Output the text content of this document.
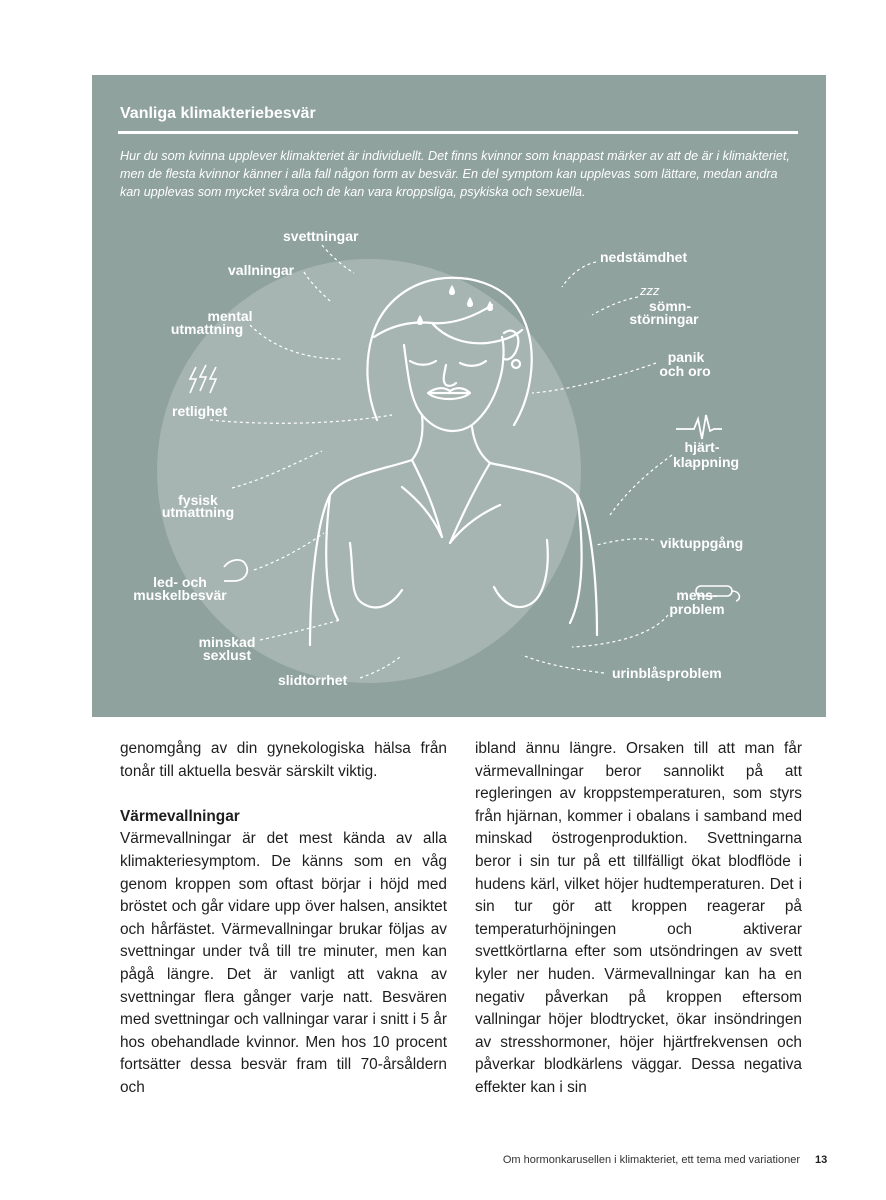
Vanliga klimakteriebesvär
Hur du som kvinna upplever klimakteriet är individuellt. Det finns kvinnor som knappast märker av att de är i klimakteriet, men de flesta kvinnor känner i alla fall någon form av besvär. En del symptom kan upplevas som lättare, medan andra kan upplevas som mycket svåra och de kan vara kroppsliga, psykiska och sexuella.
zzz
svettningar
vallningar
mental
utmattning
retlighet
fysisk
utmattning
led- och
muskelbesvär
minskad
sexlust
slidtorrhet
nedstämdhet
sömn-
störningar
panik
och oro
hjärt-
klappning
viktuppgång
mens-
problem
urinblåsproblem

genomgång av din gynekologiska hälsa från tonår till aktuella besvär särskilt viktig.

Värmevallningar

Värmevallningar är det mest kända av alla klimakteriesymptom. De känns som en våg genom kroppen som oftast börjar i höjd med bröstet och går vidare upp över halsen, ansiktet och hårfästet. Värmevallningar brukar följas av svettningar under två till tre minuter, men kan pågå längre. Det är vanligt att vakna av svettningar flera gånger varje natt. Besvären med svettningar och vallningar varar i snitt i 5 år hos obehandlade kvinnor. Men hos 10 procent fortsätter dessa besvär fram till 70-årsåldern och

ibland ännu längre. Orsaken till att man får värmevallningar beror sannolikt på att regleringen av kroppstemperaturen, som styrs från hjärnan, kommer i obalans i samband med minskad östrogenproduktion. Svettningarna beror i sin tur på ett tillfälligt ökat blodflöde i hudens kärl, vilket höjer hudtemperaturen. Det i sin tur gör att kroppen reagerar på temperaturhöjningen och aktiverar svettkörtlarna efter som utsöndringen av svett kyler ner huden. Värmevallningar kan ha en negativ påverkan på kroppen eftersom vallningar höjer blodtrycket, ökar insöndringen av stresshormoner, höjer hjärtfrekvensen och påverkar blodkärlens väggar. Dessa negativa effekter kan i sin

Om hormonkarusellen i klimakteriet, ett tema med variationer 13
